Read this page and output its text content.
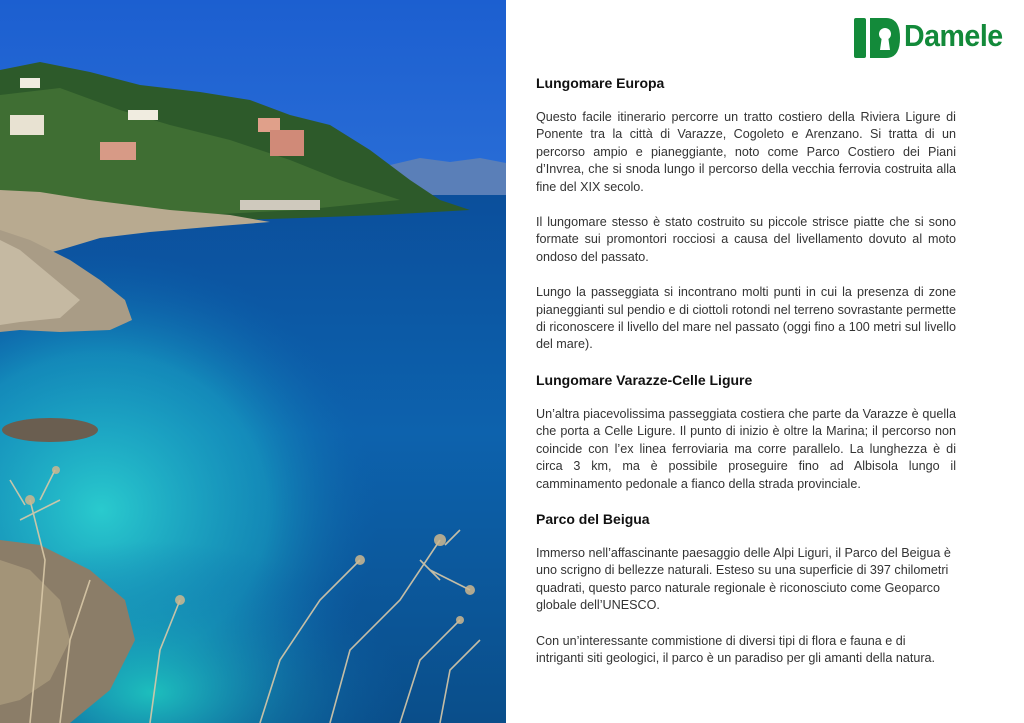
Damele
Lungomare Europa

Questo facile itinerario percorre un tratto costiero della Riviera Ligure di Ponente tra la città di Varazze, Cogoleto e Arenzano. Si tratta di un percorso ampio e pianeggiante, noto come Parco Costiero dei Piani d’Invrea, che si snoda lungo il percorso della vecchia ferrovia costruita alla fine del XIX secolo.

Il lungomare stesso è stato costruito su piccole strisce piatte che si sono formate sui promontori rocciosi a causa del livellamento dovuto al moto ondoso del passato.

Lungo la passeggiata si incontrano molti punti in cui la presenza di zone pianeggianti sul pendio e di ciottoli rotondi nel terreno sovrastante permette di riconoscere il livello del mare nel passato (oggi fino a 100 metri sul livello del mare).

Lungomare Varazze-Celle Ligure

Un’altra piacevolissima passeggiata costiera che parte da Varazze è quella che porta a Celle Ligure. Il punto di inizio è oltre la Marina; il percorso non coincide con l’ex linea ferroviaria ma corre parallelo. La lunghezza è di circa 3 km, ma è possibile proseguire fino ad Albisola lungo il camminamento pedonale a fianco della strada provinciale.

Parco del Beigua

Immerso nell’affascinante paesaggio delle Alpi Liguri, il Parco del Beigua è uno scrigno di bellezze naturali. Esteso su una superficie di 397 chilometri quadrati, questo parco naturale regionale è riconosciuto come Geoparco globale dell’UNESCO.

Con un’interessante commistione di diversi tipi di flora e fauna e di intriganti siti geologici, il parco è un paradiso per gli amanti della natura.
